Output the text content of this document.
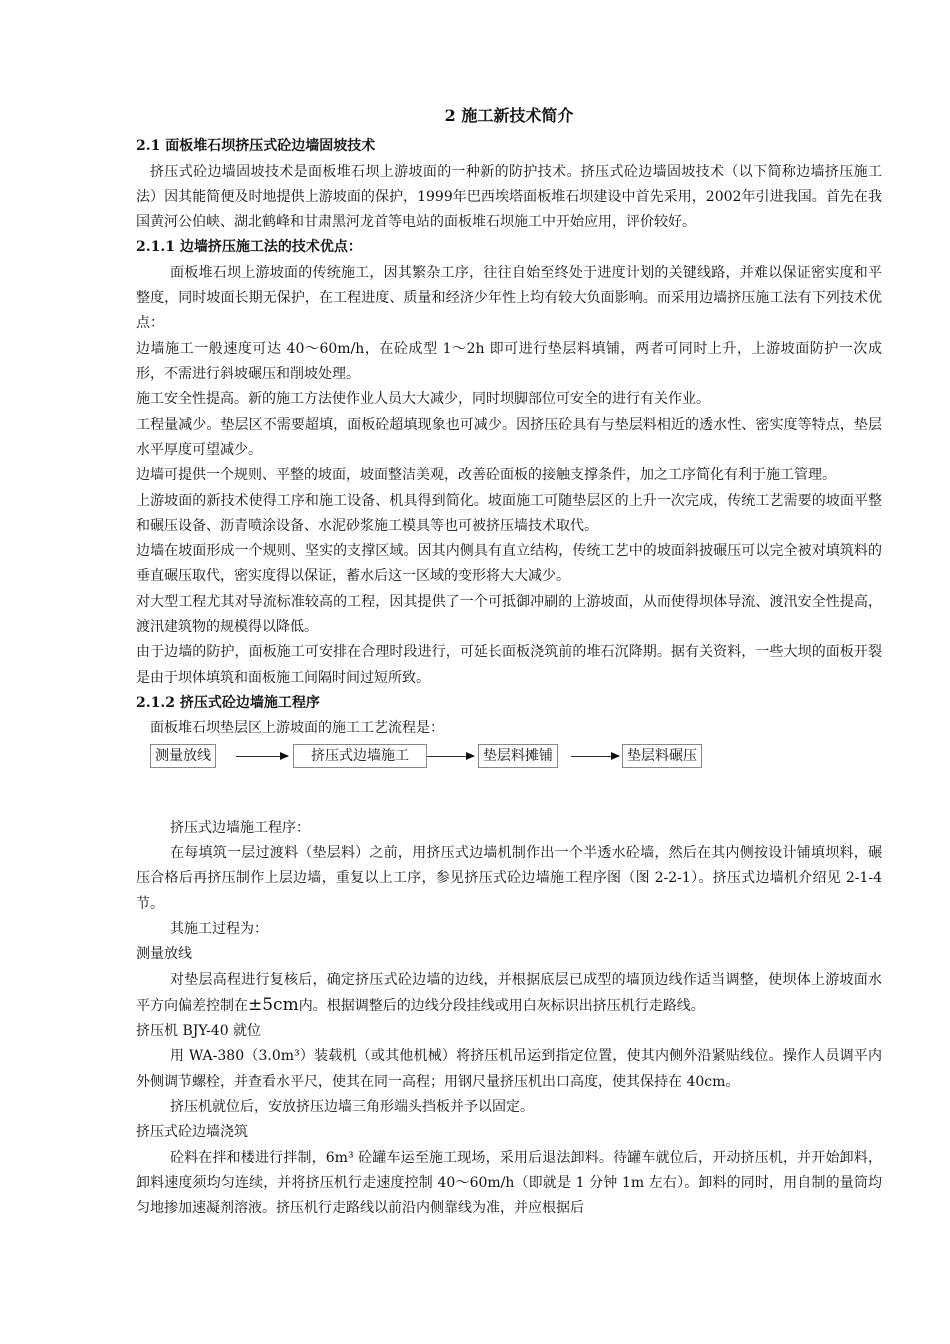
2 施工新技术简介
2.1 面板堆石坝挤压式砼边墙固坡技术

挤压式砼边墙固坡技术是面板堆石坝上游坡面的一种新的防护技术。挤压式砼边墙固坡技术（以下简称边墙挤压施工法）因其能简便及时地提供上游坡面的保护，1999年巴西埃塔面板堆石坝建设中首先采用，2002年引进我国。首先在我国黄河公伯峡、湖北鹤峰和甘肃黑河龙首等电站的面板堆石坝施工中开始应用，评价较好。

2.1.1 边墙挤压施工法的技术优点：

面板堆石坝上游坡面的传统施工，因其繁杂工序，往往自始至终处于进度计划的关键线路，并难以保证密实度和平整度，同时坡面长期无保护，在工程进度、质量和经济少年性上均有较大负面影响。而采用边墙挤压施工法有下列技术优点：

边墙施工一般速度可达 40～60m/h，在砼成型 1～2h 即可进行垫层料填铺，两者可同时上升，上游坡面防护一次成形，不需进行斜坡碾压和削坡处理。

施工安全性提高。新的施工方法使作业人员大大减少，同时坝脚部位可安全的进行有关作业。

工程量减少。垫层区不需要超填，面板砼超填现象也可减少。因挤压砼具有与垫层料相近的透水性、密实度等特点，垫层水平厚度可望减少。

边墙可提供一个规则、平整的坡面，坡面整洁美观，改善砼面板的接触支撑条件，加之工序简化有利于施工管理。

上游坡面的新技术使得工序和施工设备、机具得到简化。坡面施工可随垫层区的上升一次完成，传统工艺需要的坡面平整和碾压设备、沥青喷涂设备、水泥砂浆施工模具等也可被挤压墙技术取代。

边墙在坡面形成一个规则、坚实的支撑区域。因其内侧具有直立结构，传统工艺中的坡面斜披碾压可以完全被对填筑料的垂直碾压取代，密实度得以保证，蓄水后这一区域的变形将大大减少。

对大型工程尤其对导流标准较高的工程，因其提供了一个可抵御冲刷的上游坡面，从而使得坝体导流、渡汛安全性提高，渡汛建筑物的规模得以降低。

由于边墙的防护，面板施工可安排在合理时段进行，可延长面板浇筑前的堆石沉降期。据有关资料，一些大坝的面板开裂是由于坝体填筑和面板施工间隔时间过短所致。

2.1.2 挤压式砼边墙施工程序

面板堆石坝垫层区上游坡面的施工工艺流程是：

测量放线	挤压式边墙施工	垫层料摊铺	垫层料碾压

挤压式边墙施工程序：

在每填筑一层过渡料（垫层料）之前，用挤压式边墙机制作出一个半透水砼墙，然后在其内侧按设计铺填坝料，碾压合格后再挤压制作上层边墙，重复以上工序，参见挤压式砼边墙施工程序图（图 2-2-1）。挤压式边墙机介绍见 2-1-4 节。

其施工过程为：

测量放线

对垫层高程进行复核后，确定挤压式砼边墙的边线，并根据底层已成型的墙顶边线作适当调整，使坝体上游坡面水平方向偏差控制在±5cm内。根据调整后的边线分段挂线或用白灰标识出挤压机行走路线。

挤压机 BJY-40 就位

用 WA-380（3.0m³）装载机（或其他机械）将挤压机吊运到指定位置，使其内侧外沿紧贴线位。操作人员调平内外侧调节螺栓，并查看水平尺，使其在同一高程；用钢尺量挤压机出口高度，使其保持在 40cm。

挤压机就位后，安放挤压边墙三角形端头挡板并予以固定。

挤压式砼边墙浇筑

砼料在拌和楼进行拌制，6m³ 砼罐车运至施工现场，采用后退法卸料。待罐车就位后，开动挤压机，并开始卸料，卸料速度须均匀连续，并将挤压机行走速度控制 40～60m/h（即就是 1 分钟 1m 左右）。卸料的同时，用自制的量筒均匀地掺加速凝剂溶液。挤压机行走路线以前沿内侧靠线为准，并应根据后
